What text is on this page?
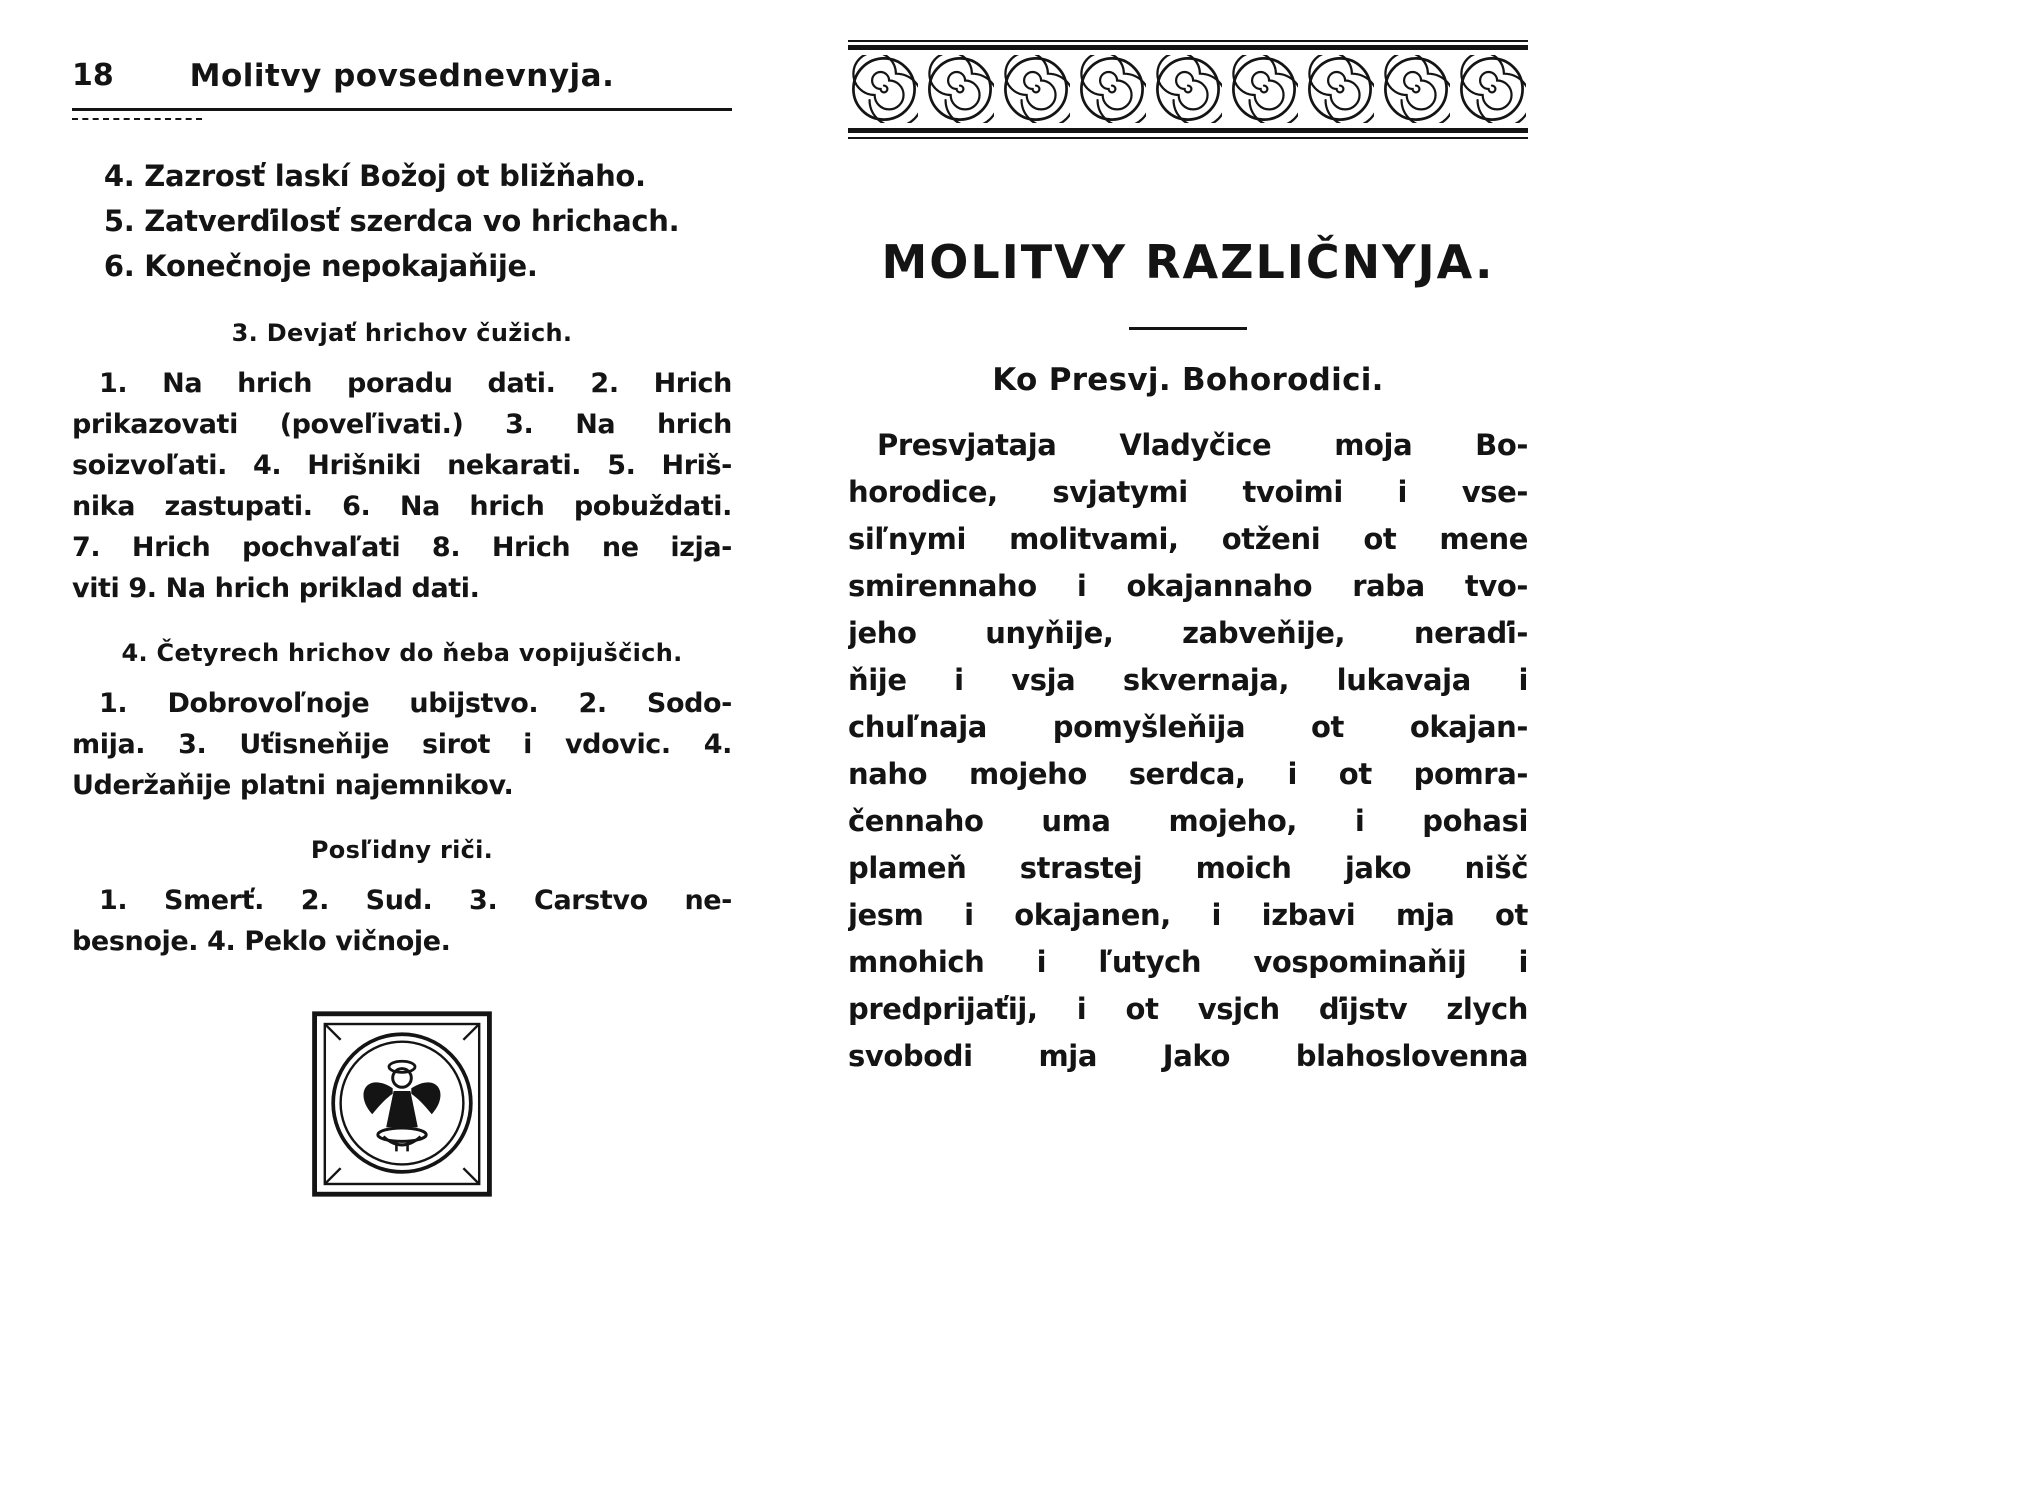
18	Molitvy povsednevnyja.
4. Zazrosť laskí Božoj ot bližňaho.
5. Zatverďilosť szerdca vo hrichach.
6. Konečnoje nepokajaňije.
3. Devjať hrichov čužich.
1. Na hrich poradu dati. 2. Hrich
prikazovati (poveľivati.) 3. Na hrich
soizvoľati. 4. Hrišniki nekarati. 5. Hriš-
nika zastupati. 6. Na hrich pobuždati.
7. Hrich pochvaľati 8. Hrich ne izja-
viti 9. Na hrich priklad dati.
4. Četyrech hrichov do ňeba vopijuščich.
1. Dobrovoľnoje ubijstvo. 2. Sodo-
mija. 3. Uťisneňije sirot i vdovic. 4.
Uderžaňije platni najemnikov.
Posľidny riči.
1. Smerť. 2. Sud. 3. Carstvo ne-
besnoje. 4. Peklo vičnoje.
MOLITVY RAZLIČNYJA.
Ko Presvj. Bohorodici.
Presvjataja Vladyčice moja Bo-
horodice, svjatymi tvoimi i vse-
siľnymi molitvami, otženi ot mene
smirennaho i okajannaho raba tvo-
jeho unyňije, zabveňije, neraďi-
ňije i vsja skvernaja, lukavaja i
chuľnaja pomyšleňija ot okajan-
naho mojeho serdca, i ot pomra-
čennaho uma mojeho, i pohasi
plameň strastej moich jako nišč
jesm i okajanen, i izbavi mja ot
mnohich i ľutych vospominaňij i
predprijaťij, i ot vsjch ďijstv zlych
svobodi mja Jako blahoslovenna
